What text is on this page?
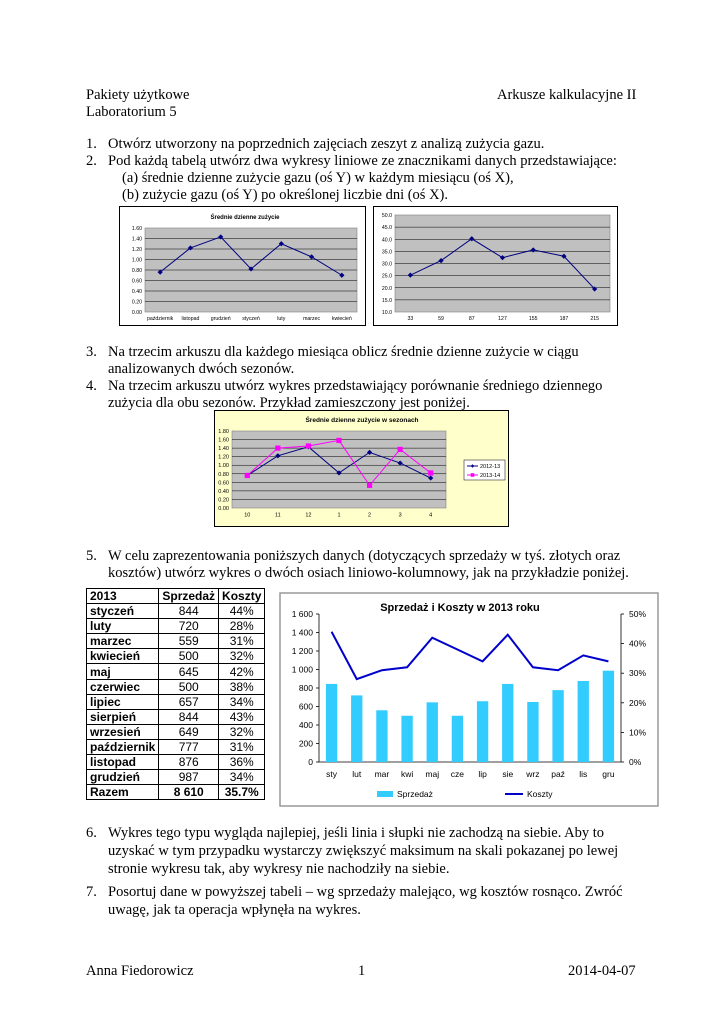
Pakiety użytkowe
Laboratorium 5
Arkusze kalkulacyjne II
1. Otwórz utworzony na poprzednich zajęciach zeszyt z analizą zużycia gazu.
2. Pod każdą tabelą utwórz dwa wykresy liniowe ze znacznikami danych przedstawiające:
(a) średnie dzienne zużycie gazu (oś Y) w każdym miesiącu (oś X),
(b) zużycie gazu (oś Y) po określonej liczbie dni (oś X).
Średnie dzienne zużycie
0.00
0.20
0.40
0.60
0.80
1.00
1.20
1.40
1.60
październik listopad grudzień styczeń	luty	marzec kwiecień
10.0
15.0
20.0
25.0
30.0
35.0
40.0
45.0
50.0
33	59	87	127	155	187	215
3. Na trzecim arkuszu dla każdego miesiąca oblicz średnie dzienne zużycie w ciągu
analizowanych dwóch sezonów.
4. Na trzecim arkuszu utwórz wykres przedstawiający porównanie średniego dziennego
zużycia dla obu sezonów. Przykład zamieszczony jest poniżej.
Średnie dzienne zużycie w sezonach
0.00
0.20
0.40
0.60
0.80
1.00
1.20
1.40
1.60
1.80
10	11	12	1	2	3	4
2012-13
2013-14
5. W celu zaprezentowania poniższych danych (dotyczących sprzedaży w tyś. złotych oraz
kosztów) utwórz wykres o dwóch osiach liniowo-kolumnowy, jak na przykładzie poniżej.
2013	Sprzedaż	Koszty
styczeń	844	44%
luty	720	28%
marzec	559	31%
kwiecień	500	32%
maj	645	42%
czerwiec	500	38%
lipiec	657	34%
sierpień	844	43%
wrzesień	649	32%
październik	777	31%
listopad	876	36%
grudzień	987	34%
Razem	8 610	35.7%
Sprzedaż i Koszty w 2013 roku
0
200
400
600
800
1 000
1 200
1 400
1 600
0%
10%
20%
30%
40%
50%
sty lut mar kwi maj cze lip sie wrz paź lis gru
Sprzedaż	Koszty
6. Wykres tego typu wygląda najlepiej, jeśli linia i słupki nie zachodzą na siebie. Aby to
uzyskać w tym przypadku wystarczy zwiększyć maksimum na skali pokazanej po lewej
stronie wykresu tak, aby wykresy nie nachodziły na siebie.
7. Posortuj dane w powyższej tabeli – wg sprzedaży malejąco, wg kosztów rosnąco. Zwróć
uwagę, jak ta operacja wpłynęła na wykres.
Anna Fiedorowicz	1	2014-04-07
